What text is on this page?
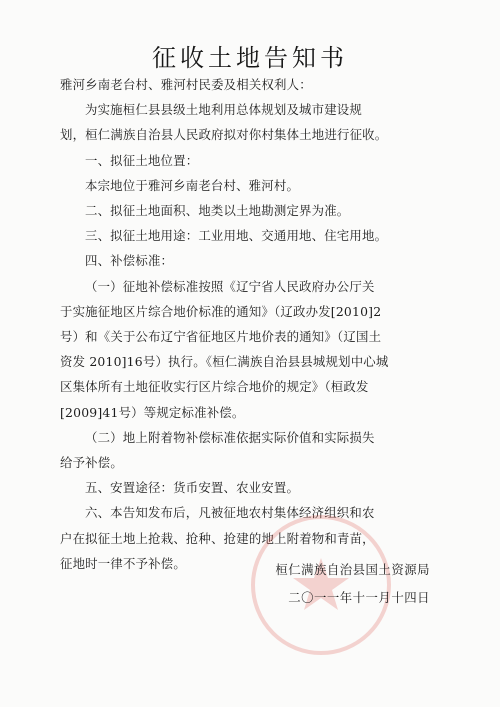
征收土地告知书
雅河乡南老台村、雅河村民委及相关权利人：
为实施桓仁县县级土地利用总体规划及城市建设规
划，桓仁满族自治县人民政府拟对你村集体土地进行征收。
一、拟征土地位置：
本宗地位于雅河乡南老台村、雅河村。
二、拟征土地面积、地类以土地勘测定界为准。
三、拟征土地用途：工业用地、交通用地、住宅用地。
四、补偿标准：
（一）征地补偿标准按照《辽宁省人民政府办公厅关
于实施征地区片综合地价标准的通知》（辽政办发[2010]2
号）和《关于公布辽宁省征地区片地价表的通知》（辽国土
资发 2010]16号）执行。《桓仁满族自治县县城规划中心城
区集体所有土地征收实行区片综合地价的规定》（桓政发
[2009]41号）等规定标准补偿。
（二）地上附着物补偿标准依据实际价值和实际损失
给予补偿。
五、安置途径：货币安置、农业安置。
六、本告知发布后，凡被征地农村集体经济组织和农
户在拟征土地上抢栽、抢种、抢建的地上附着物和青苗，
征地时一律不予补偿。	桓仁满族自治县国土资源局
二〇一一年十一月十四日
